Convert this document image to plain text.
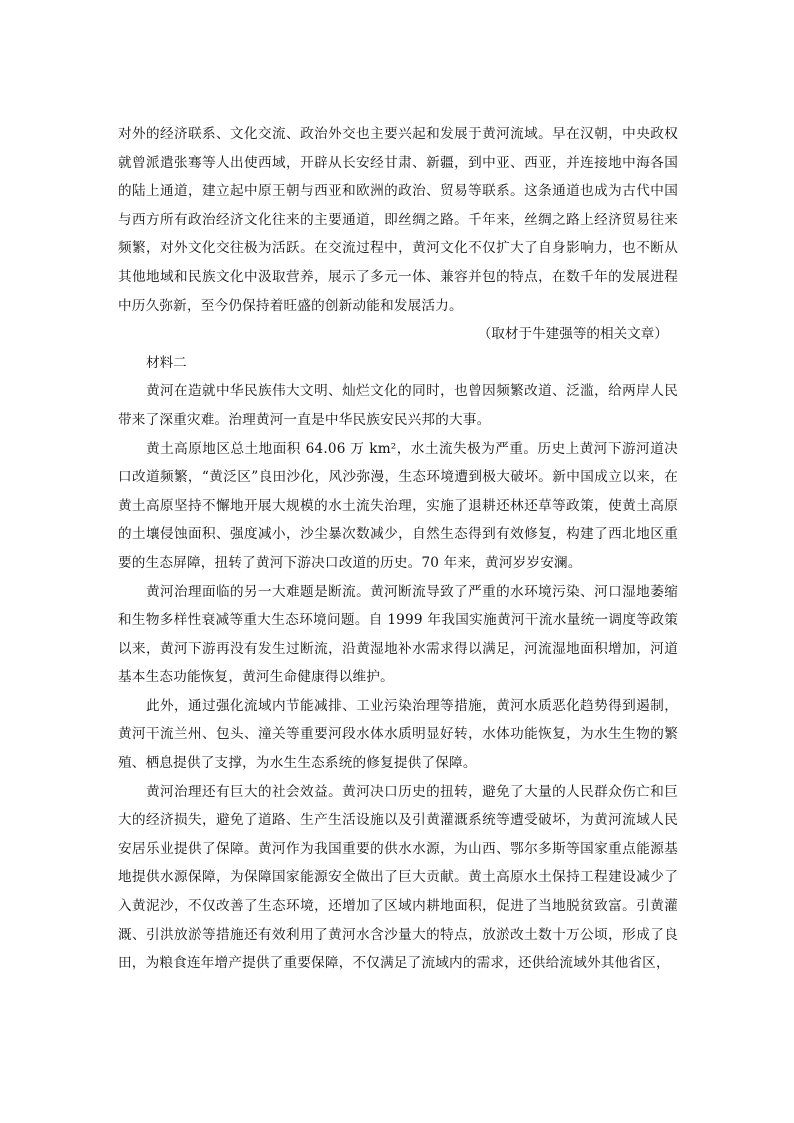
对外的经济联系、文化交流、政治外交也主要兴起和发展于黄河流域。早在汉朝，中央政权就曾派遣张骞等人出使西域，开辟从长安经甘肃、新疆，到中亚、西亚，并连接地中海各国的陆上通道，建立起中原王朝与西亚和欧洲的政治、贸易等联系。这条通道也成为古代中国与西方所有政治经济文化往来的主要通道，即丝绸之路。千年来，丝绸之路上经济贸易往来频繁，对外文化交往极为活跃。在交流过程中，黄河文化不仅扩大了自身影响力，也不断从其他地域和民族文化中汲取营养，展示了多元一体、兼容并包的特点，在数千年的发展进程中历久弥新，至今仍保持着旺盛的创新动能和发展活力。

（取材于牛建强等的相关文章）

材料二

黄河在造就中华民族伟大文明、灿烂文化的同时，也曾因频繁改道、泛滥，给两岸人民带来了深重灾难。治理黄河一直是中华民族安民兴邦的大事。

黄土高原地区总土地面积 64.06 万 km²，水土流失极为严重。历史上黄河下游河道决口改道频繁，“黄泛区”良田沙化，风沙弥漫，生态环境遭到极大破坏。新中国成立以来，在黄土高原坚持不懈地开展大规模的水土流失治理，实施了退耕还林还草等政策，使黄土高原的土壤侵蚀面积、强度减小，沙尘暴次数减少，自然生态得到有效修复，构建了西北地区重要的生态屏障，扭转了黄河下游决口改道的历史。70 年来，黄河岁岁安澜。

黄河治理面临的另一大难题是断流。黄河断流导致了严重的水环境污染、河口湿地萎缩和生物多样性衰减等重大生态环境问题。自 1999 年我国实施黄河干流水量统一调度等政策以来，黄河下游再没有发生过断流，沿黄湿地补水需求得以满足，河流湿地面积增加，河道基本生态功能恢复，黄河生命健康得以维护。

此外，通过强化流域内节能减排、工业污染治理等措施，黄河水质恶化趋势得到遏制，黄河干流兰州、包头、潼关等重要河段水体水质明显好转，水体功能恢复，为水生生物的繁殖、栖息提供了支撑，为水生生态系统的修复提供了保障。

黄河治理还有巨大的社会效益。黄河决口历史的扭转，避免了大量的人民群众伤亡和巨大的经济损失，避免了道路、生产生活设施以及引黄灌溉系统等遭受破坏，为黄河流域人民安居乐业提供了保障。黄河作为我国重要的供水水源，为山西、鄂尔多斯等国家重点能源基地提供水源保障，为保障国家能源安全做出了巨大贡献。黄土高原水土保持工程建设减少了入黄泥沙，不仅改善了生态环境，还增加了区域内耕地面积，促进了当地脱贫致富。引黄灌溉、引洪放淤等措施还有效利用了黄河水含沙量大的特点，放淤改土数十万公顷，形成了良田，为粮食连年增产提供了重要保障，不仅满足了流域内的需求，还供给流域外其他省区，
